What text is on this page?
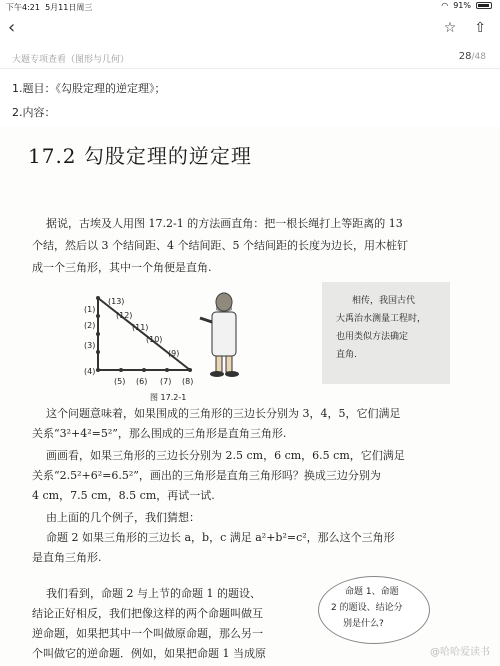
下午4:21 5月11日周三	◠ 91%
‹	☆ ⇧
大题专项查看（图形与几何）	28/48
1.题目：《勾股定理的逆定理》；
2.内容：
17.2 勾股定理的逆定理
据说，古埃及人用图 17.2-1 的方法画直角：把一根长绳打上等距离的 13
个结，然后以 3 个结间距、4 个结间距、5 个结间距的长度为边长，用木桩钉
成一个三角形，其中一个角便是直角.
(1)
(2)
(3)
(4)
(13)
(12)
(11)
(10)
(9)
(5) (6) (7) (8)
图 17.2-1
相传，我国古代
大禹治水测量工程时，
也用类似方法确定
直角.
这个问题意味着，如果围成的三角形的三边长分别为 3，4，5，它们满足
关系“3²+4²=5²”，那么围成的三角形是直角三角形.
画画看，如果三角形的三边长分别为 2.5 cm，6 cm，6.5 cm，它们满足
关系“2.5²+6²=6.5²”，画出的三角形是直角三角形吗？换成三边分别为
4 cm，7.5 cm，8.5 cm，再试一试.
由上面的几个例子，我们猜想：
命题 2 如果三角形的三边长 a，b，c 满足 a²+b²=c²，那么这个三角形
是直角三角形.
我们看到，命题 2 与上节的命题 1 的题设、
结论正好相反，我们把像这样的两个命题叫做互
逆命题，如果把其中一个叫做原命题，那么另一
个叫做它的逆命题．例如，如果把命题 1 当成原
命题 1、命题
2 的题设、结论分
别是什么?
@哈哈爱读书
